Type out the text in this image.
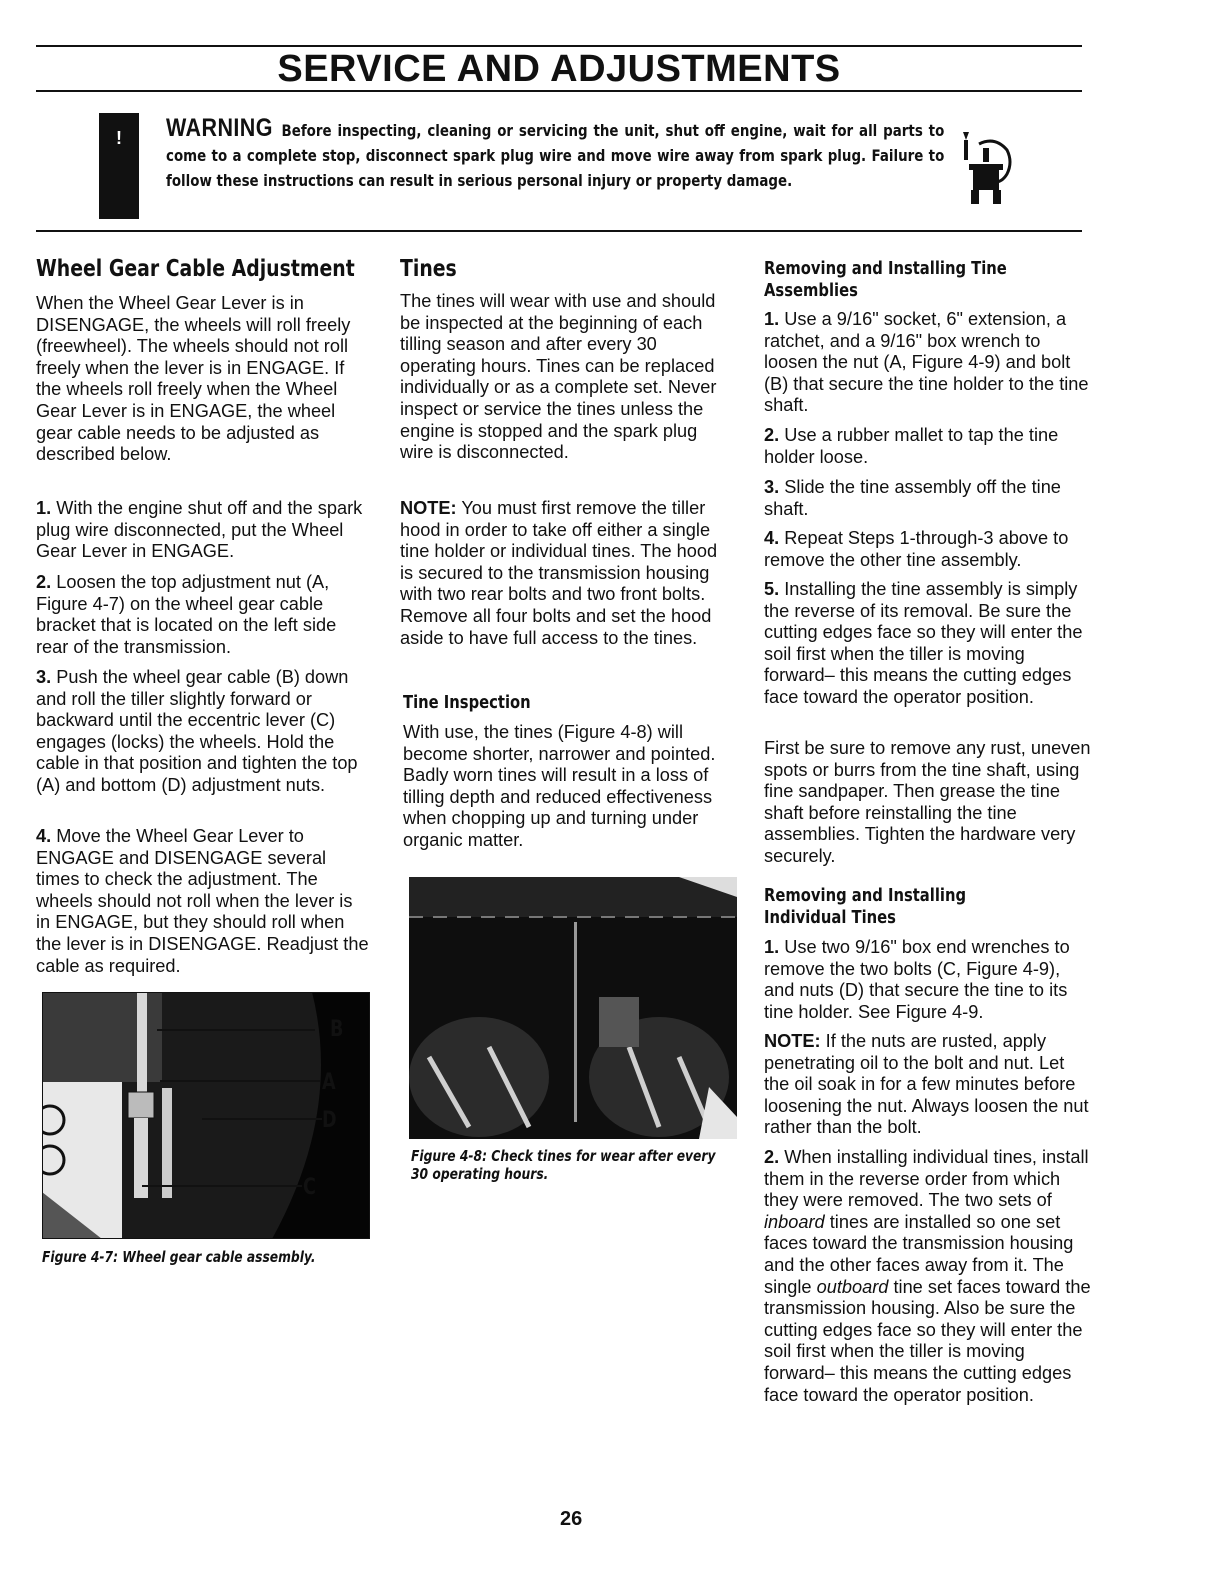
SERVICE AND ADJUSTMENTS
!	WARNING Before inspecting, cleaning or servicing the unit, shut off engine, wait for all parts to come to a complete stop, disconnect spark plug wire and move wire away from spark plug. Failure to follow these instructions can result in serious personal injury or property damage.
Wheel Gear Cable Adjustment

When the Wheel Gear Lever is in DISENGAGE, the wheels will roll freely (freewheel). The wheels should not roll freely when the lever is in ENGAGE. If the wheels roll freely when the Wheel Gear Lever is in ENGAGE, the wheel gear cable needs to be adjusted as described below.

1. With the engine shut off and the spark plug wire disconnected, put the Wheel Gear Lever in ENGAGE.

2. Loosen the top adjustment nut (A, Figure 4-7) on the wheel gear cable bracket that is located on the left side rear of the transmission.

3. Push the wheel gear cable (B) down and roll the tiller slightly forward or backward until the eccentric lever (C) engages (locks) the wheels. Hold the cable in that position and tighten the top (A) and bottom (D) adjustment nuts.

4. Move the Wheel Gear Lever to ENGAGE and DISENGAGE several times to check the adjustment. The wheels should not roll when the lever is in ENGAGE, but they should roll when the lever is in DISENGAGE. Readjust the cable as required.

B
A
D
C
Figure 4-7: Wheel gear cable assembly.
Tines

The tines will wear with use and should be inspected at the beginning of each tilling season and after every 30 operating hours. Tines can be replaced individually or as a complete set. Never inspect or service the tines unless the engine is stopped and the spark plug wire is disconnected.

NOTE: You must first remove the tiller hood in order to take off either a single tine holder or individual tines. The hood is secured to the transmission housing with two rear bolts and two front bolts. Remove all four bolts and set the hood aside to have full access to the tines.

Tine Inspection

With use, the tines (Figure 4-8) will become shorter, narrower and pointed. Badly worn tines will result in a loss of tilling depth and reduced effectiveness when chopping up and turning under organic matter.

Figure 4-8: Check tines for wear after every 30 operating hours.
Removing and Installing Tine Assemblies

1. Use a 9/16" socket, 6" extension, a ratchet, and a 9/16" box wrench to loosen the nut (A, Figure 4-9) and bolt (B) that secure the tine holder to the tine shaft.

2. Use a rubber mallet to tap the tine holder loose.

3. Slide the tine assembly off the tine shaft.

4. Repeat Steps 1-through-3 above to remove the other tine assembly.

5. Installing the tine assembly is simply the reverse of its removal. Be sure the cutting edges face so they will enter the soil first when the tiller is moving forward– this means the cutting edges face toward the operator position.

First be sure to remove any rust, uneven spots or burrs from the tine shaft, using fine sandpaper. Then grease the tine shaft before reinstalling the tine assemblies. Tighten the hardware very securely.

Removing and Installing Individual Tines

1. Use two 9/16" box end wrenches to remove the two bolts (C, Figure 4-9), and nuts (D) that secure the tine to its tine holder. See Figure 4-9.

NOTE: If the nuts are rusted, apply penetrating oil to the bolt and nut. Let the oil soak in for a few minutes before loosening the nut. Always loosen the nut rather than the bolt.

2. When installing individual tines, install them in the reverse order from which they were removed. The two sets of inboard tines are installed so one set faces toward the transmission housing and the other faces away from it. The single outboard tine set faces toward the transmission housing. Also be sure the cutting edges face so they will enter the soil first when the tiller is moving forward– this means the cutting edges face toward the operator position.

26
